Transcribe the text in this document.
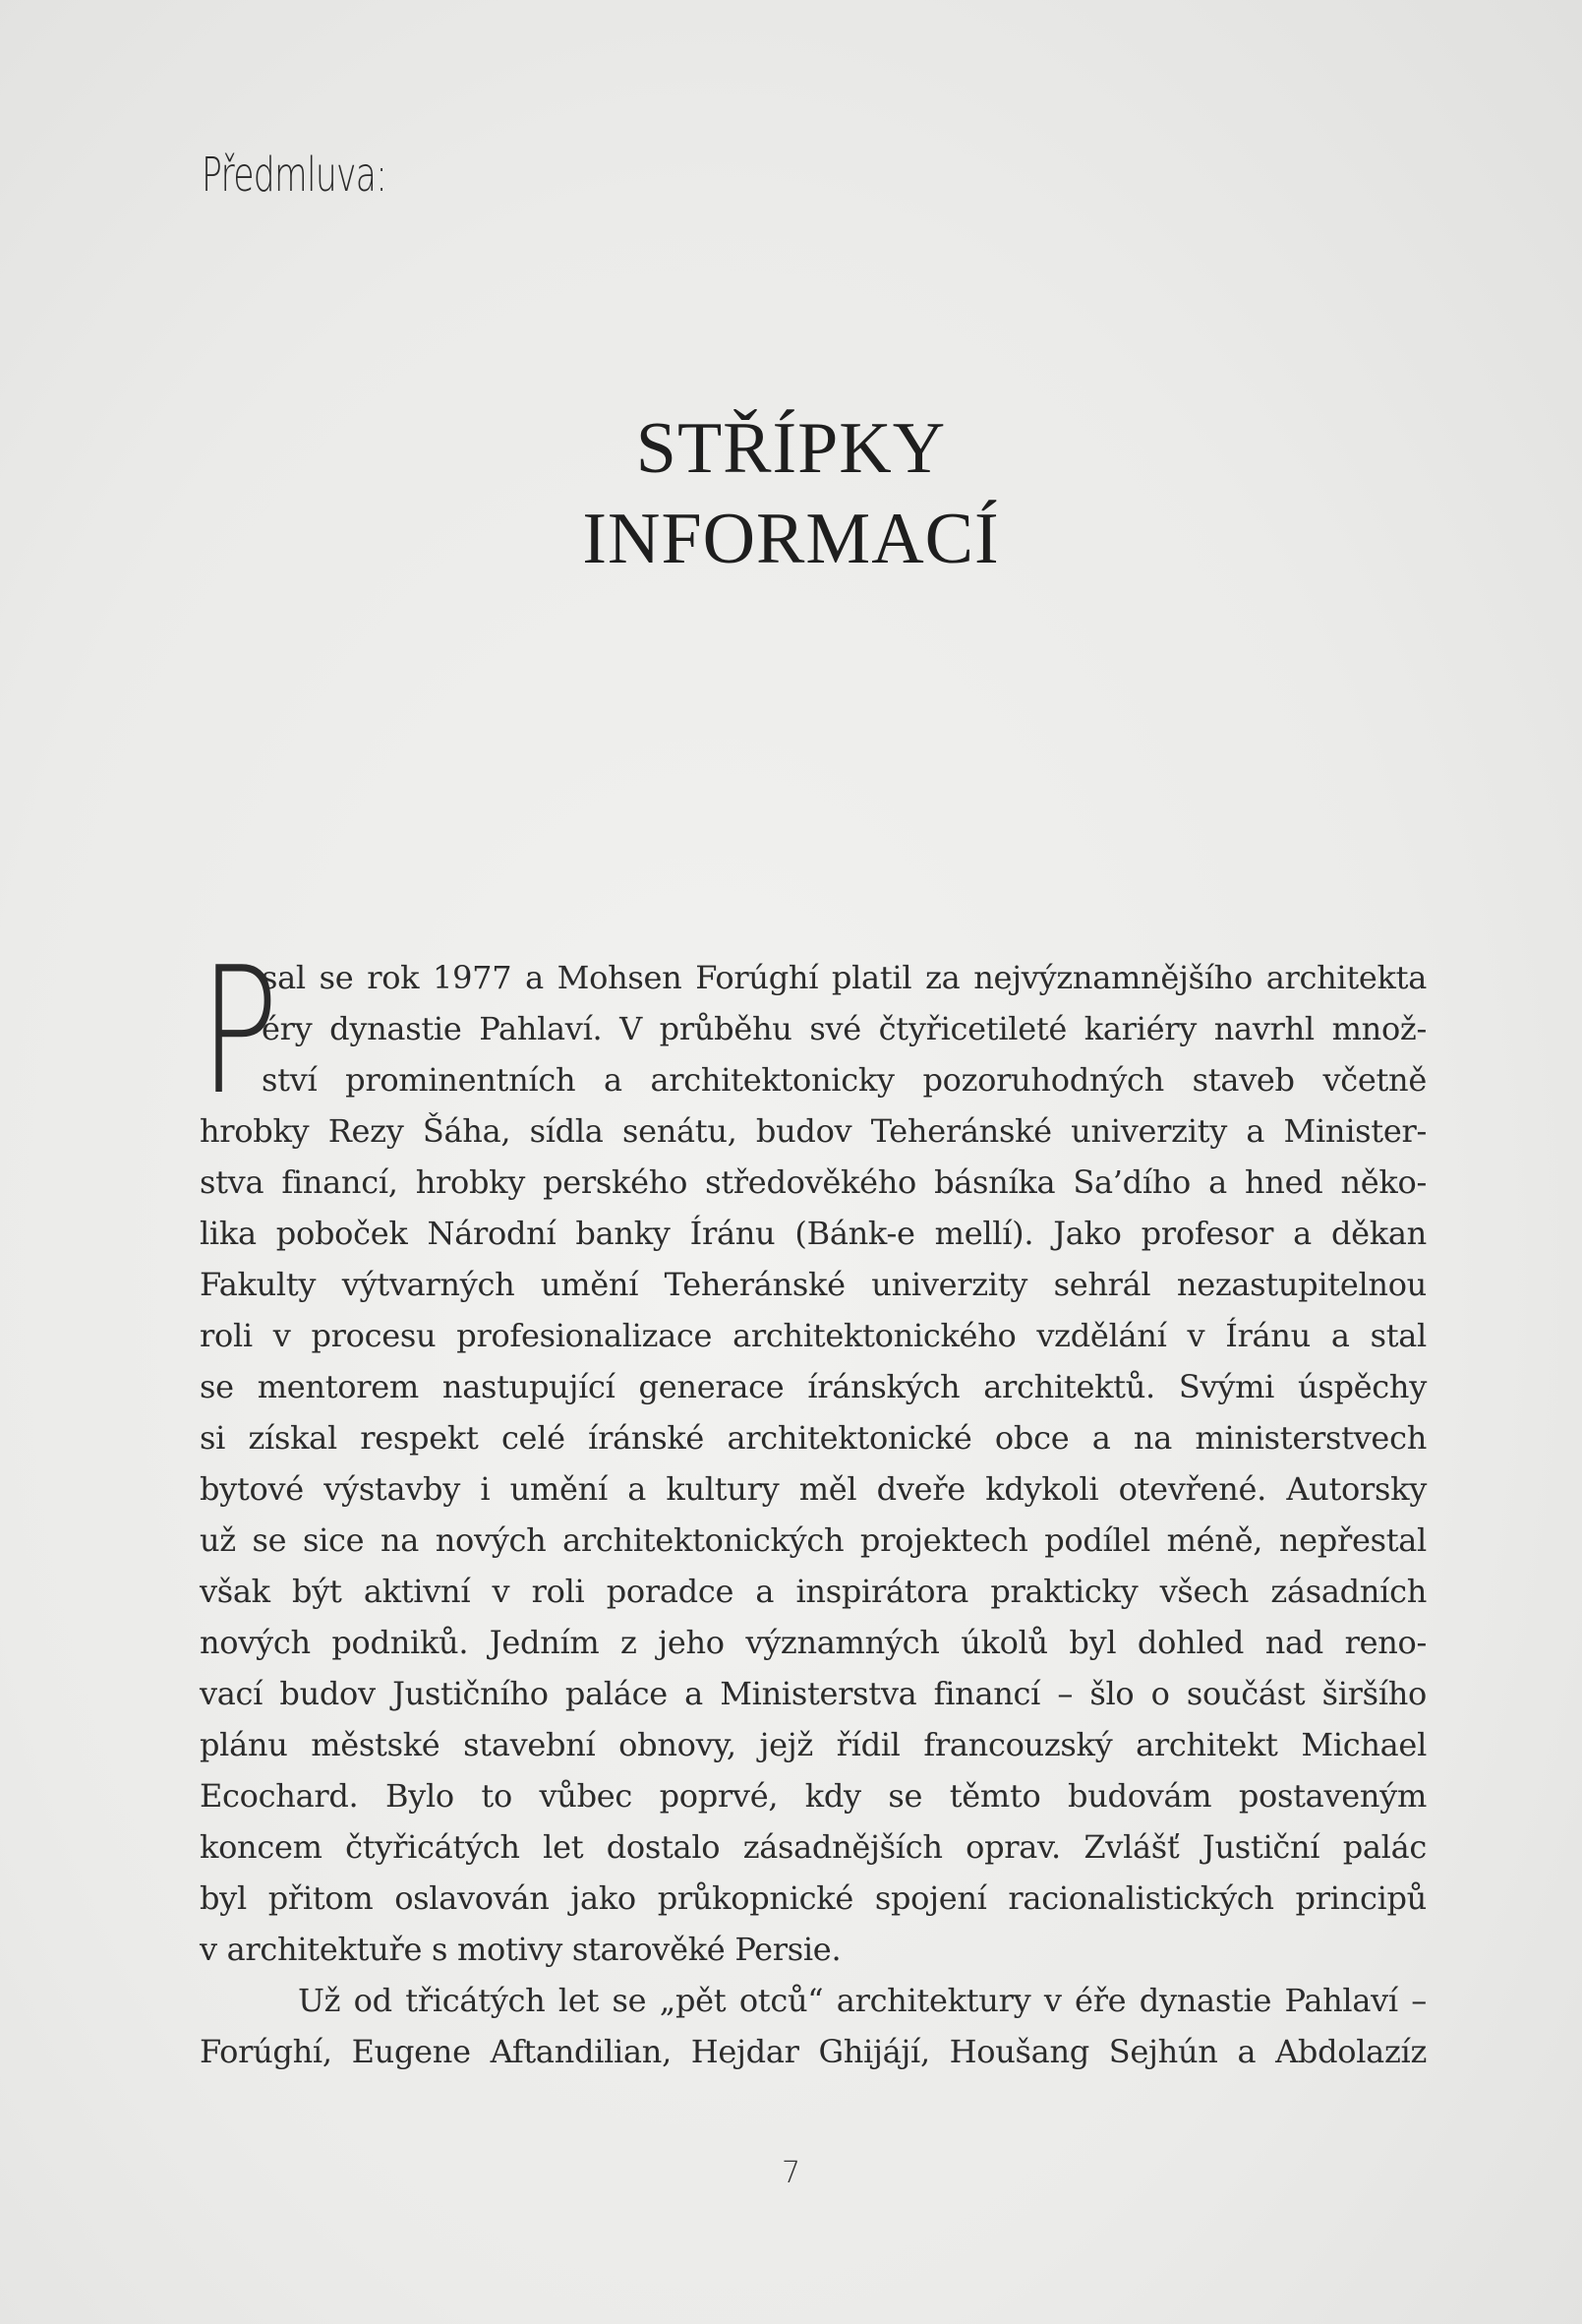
Předmluva:
STŘÍPKY
INFORMACÍ
P
sal se rok 1977 a Mohsen Forúghí platil za nejvýznamnějšího architekta
éry dynastie Pahlaví. V průběhu své čtyřicetileté kariéry navrhl množ-
ství prominentních a architektonicky pozoruhodných staveb včetně
hrobky Rezy Šáha, sídla senátu, budov Teheránské univerzity a Minister-
stva financí, hrobky perského středověkého básníka Sa’dího a hned něko-
lika poboček Národní banky Íránu (Bánk-e mellí). Jako profesor a děkan
Fakulty výtvarných umění Teheránské univerzity sehrál nezastupitelnou
roli v procesu profesionalizace architektonického vzdělání v Íránu a stal
se mentorem nastupující generace íránských architektů. Svými úspěchy
si získal respekt celé íránské architektonické obce a na ministerstvech
bytové výstavby i umění a kultury měl dveře kdykoli otevřené. Autorsky
už se sice na nových architektonických projektech podílel méně, nepřestal
však být aktivní v roli poradce a inspirátora prakticky všech zásadních
nových podniků. Jedním z jeho významných úkolů byl dohled nad reno-
vací budov Justičního paláce a Ministerstva financí – šlo o součást širšího
plánu městské stavební obnovy, jejž řídil francouzský architekt Michael
Ecochard. Bylo to vůbec poprvé, kdy se těmto budovám postaveným
koncem čtyřicátých let dostalo zásadnějších oprav. Zvlášť Justiční palác
byl přitom oslavován jako průkopnické spojení racionalistických principů
v architektuře s motivy starověké Persie.
Už od třicátých let se „pět otců“ architektury v éře dynastie Pahlaví –
Forúghí, Eugene Aftandilian, Hejdar Ghijájí, Houšang Sejhún a Abdolazíz
7
